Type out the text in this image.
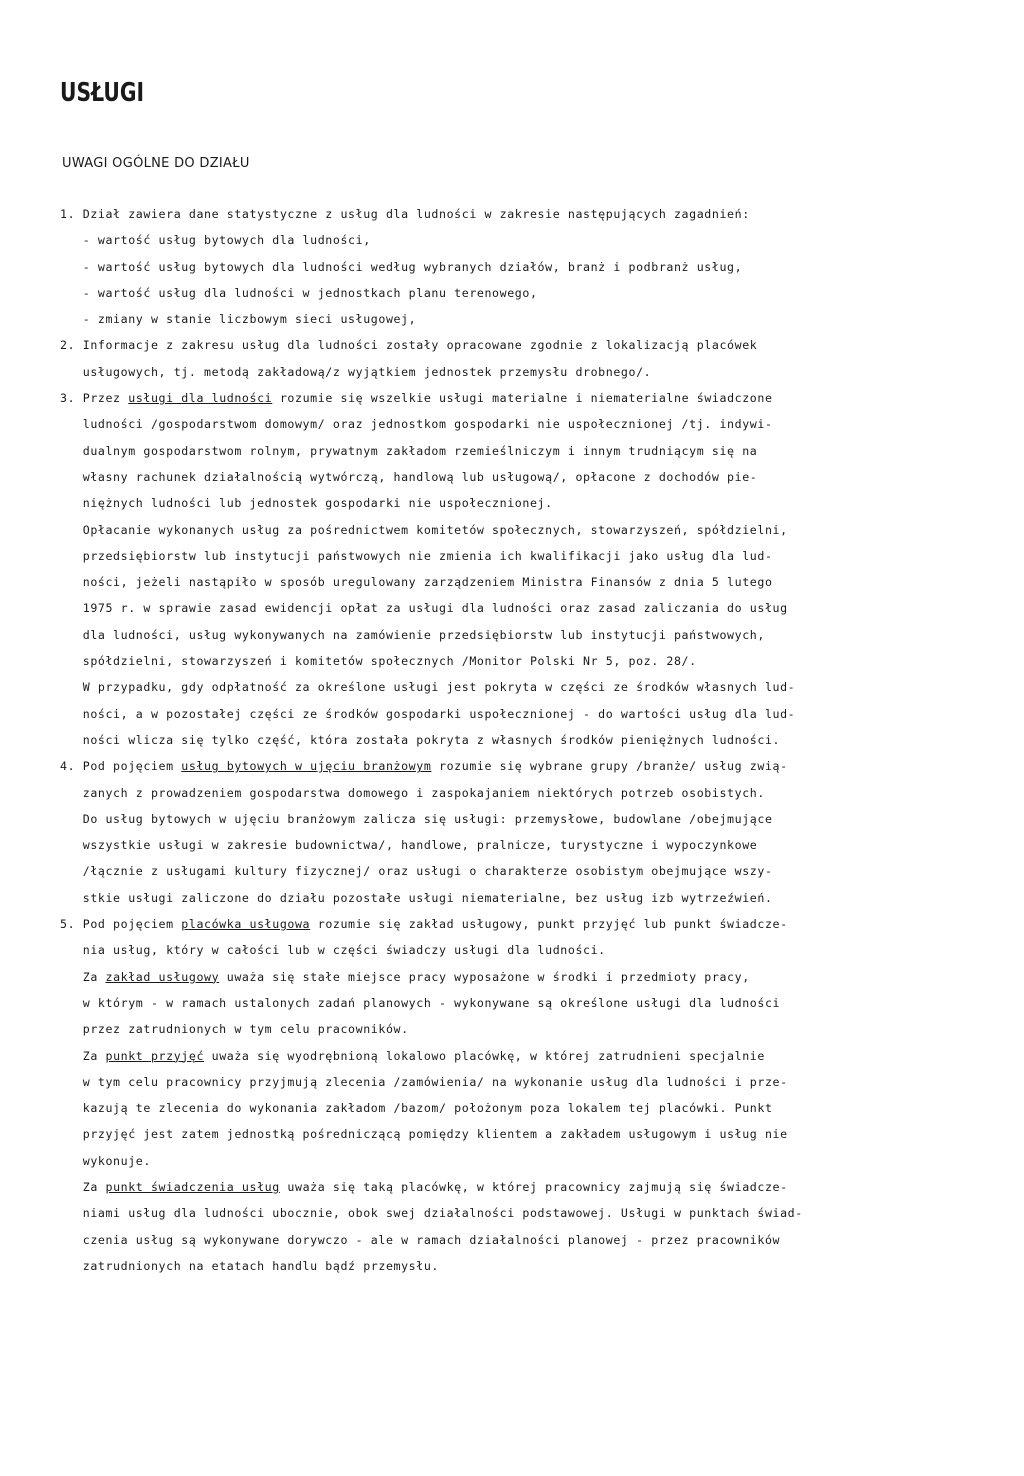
USŁUGI
UWAGI OGÓLNE DO DZIAŁU
1. Dział zawiera dane statystyczne z usług dla ludności w zakresie następujących zagadnień:
- wartość usług bytowych dla ludności,
- wartość usług bytowych dla ludności według wybranych działów, branż i podbranż usług,
- wartość usług dla ludności w jednostkach planu terenowego,
- zmiany w stanie liczbowym sieci usługowej,
2. Informacje z zakresu usług dla ludności zostały opracowane zgodnie z lokalizacją placówek
usługowych, tj. metodą zakładową/z wyjątkiem jednostek przemysłu drobnego/.
3. Przez usługi dla ludności rozumie się wszelkie usługi materialne i niematerialne świadczone
ludności /gospodarstwom domowym/ oraz jednostkom gospodarki nie uspołecznionej /tj. indywi-
dualnym gospodarstwom rolnym, prywatnym zakładom rzemieślniczym i innym trudniącym się na
własny rachunek działalnością wytwórczą, handlową lub usługową/, opłacone z dochodów pie-
niężnych ludności lub jednostek gospodarki nie uspołecznionej.
Opłacanie wykonanych usług za pośrednictwem komitetów społecznych, stowarzyszeń, spółdzielni,
przedsiębiorstw lub instytucji państwowych nie zmienia ich kwalifikacji jako usług dla lud-
ności, jeżeli nastąpiło w sposób uregulowany zarządzeniem Ministra Finansów z dnia 5 lutego
1975 r. w sprawie zasad ewidencji opłat za usługi dla ludności oraz zasad zaliczania do usług
dla ludności, usług wykonywanych na zamówienie przedsiębiorstw lub instytucji państwowych,
spółdzielni, stowarzyszeń i komitetów społecznych /Monitor Polski Nr 5, poz. 28/.
W przypadku, gdy odpłatność za określone usługi jest pokryta w części ze środków własnych lud-
ności, a w pozostałej części ze środków gospodarki uspołecznionej - do wartości usług dla lud-
ności wlicza się tylko część, która została pokryta z własnych środków pieniężnych ludności.
4. Pod pojęciem usług bytowych w ujęciu branżowym rozumie się wybrane grupy /branże/ usług zwią-
zanych z prowadzeniem gospodarstwa domowego i zaspokajaniem niektórych potrzeb osobistych.
Do usług bytowych w ujęciu branżowym zalicza się usługi: przemysłowe, budowlane /obejmujące
wszystkie usługi w zakresie budownictwa/, handlowe, pralnicze, turystyczne i wypoczynkowe
/łącznie z usługami kultury fizycznej/ oraz usługi o charakterze osobistym obejmujące wszy-
stkie usługi zaliczone do działu pozostałe usługi niematerialne, bez usług izb wytrzeźwień.
5. Pod pojęciem placówka usługowa rozumie się zakład usługowy, punkt przyjęć lub punkt świadcze-
nia usług, który w całości lub w części świadczy usługi dla ludności.
Za zakład usługowy uważa się stałe miejsce pracy wyposażone w środki i przedmioty pracy,
w którym - w ramach ustalonych zadań planowych - wykonywane są określone usługi dla ludności
przez zatrudnionych w tym celu pracowników.
Za punkt przyjęć uważa się wyodrębnioną lokalowo placówkę, w której zatrudnieni specjalnie
w tym celu pracownicy przyjmują zlecenia /zamówienia/ na wykonanie usług dla ludności i prze-
kazują te zlecenia do wykonania zakładom /bazom/ położonym poza lokalem tej placówki. Punkt
przyjęć jest zatem jednostką pośredniczącą pomiędzy klientem a zakładem usługowym i usług nie
wykonuje.
Za punkt świadczenia usług uważa się taką placówkę, w której pracownicy zajmują się świadcze-
niami usług dla ludności ubocznie, obok swej działalności podstawowej. Usługi w punktach świad-
czenia usług są wykonywane dorywczo - ale w ramach działalności planowej - przez pracowników
zatrudnionych na etatach handlu bądź przemysłu.
